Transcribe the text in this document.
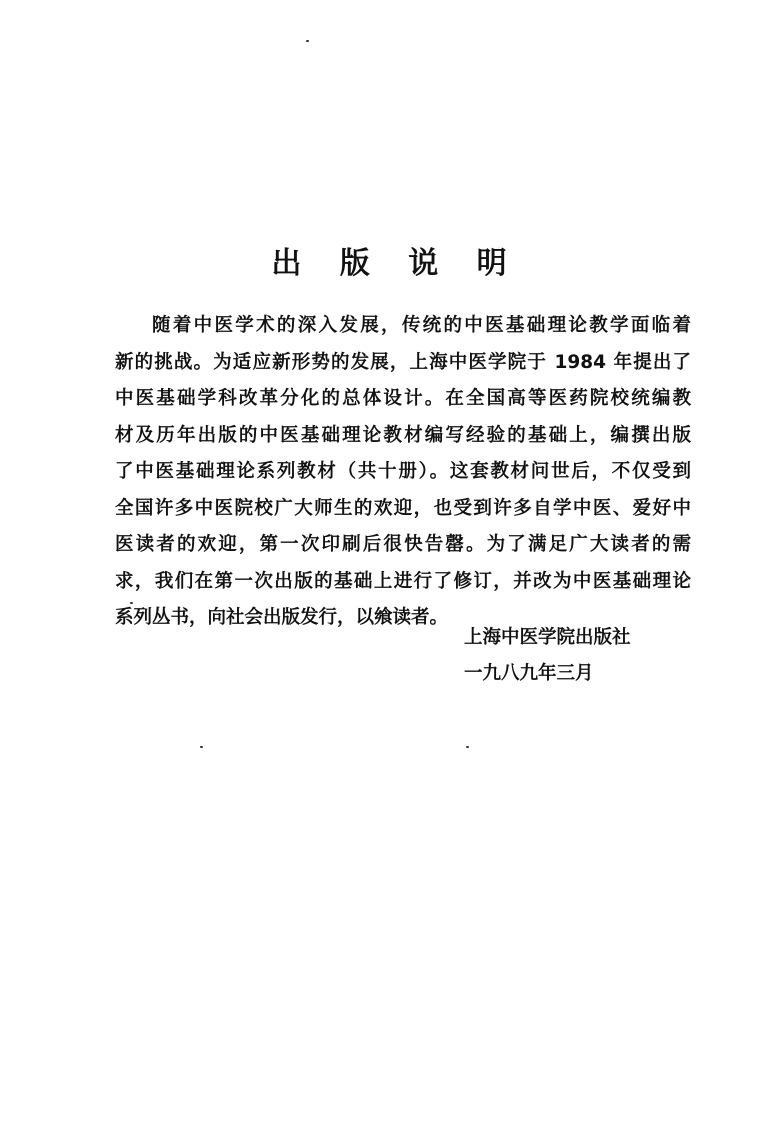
出 版 说 明
随着中医学术的深入发展，传统的中医基础理论教学面临着
新的挑战。为适应新形势的发展，上海中医学院于 1984 年提出了
中医基础学科改革分化的总体设计。在全国高等医药院校统编教
材及历年出版的中医基础理论教材编写经验的基础上，编撰出版
了中医基础理论系列教材（共十册）。这套教材问世后，不仅受到
全国许多中医院校广大师生的欢迎，也受到许多自学中医、爱好中
医读者的欢迎，第一次印刷后很快告罄。为了满足广大读者的需
求，我们在第一次出版的基础上进行了修订，并改为中医基础理论
系列丛书，向社会出版发行，以飨读者。
上海中医学院出版社
一九八九年三月
